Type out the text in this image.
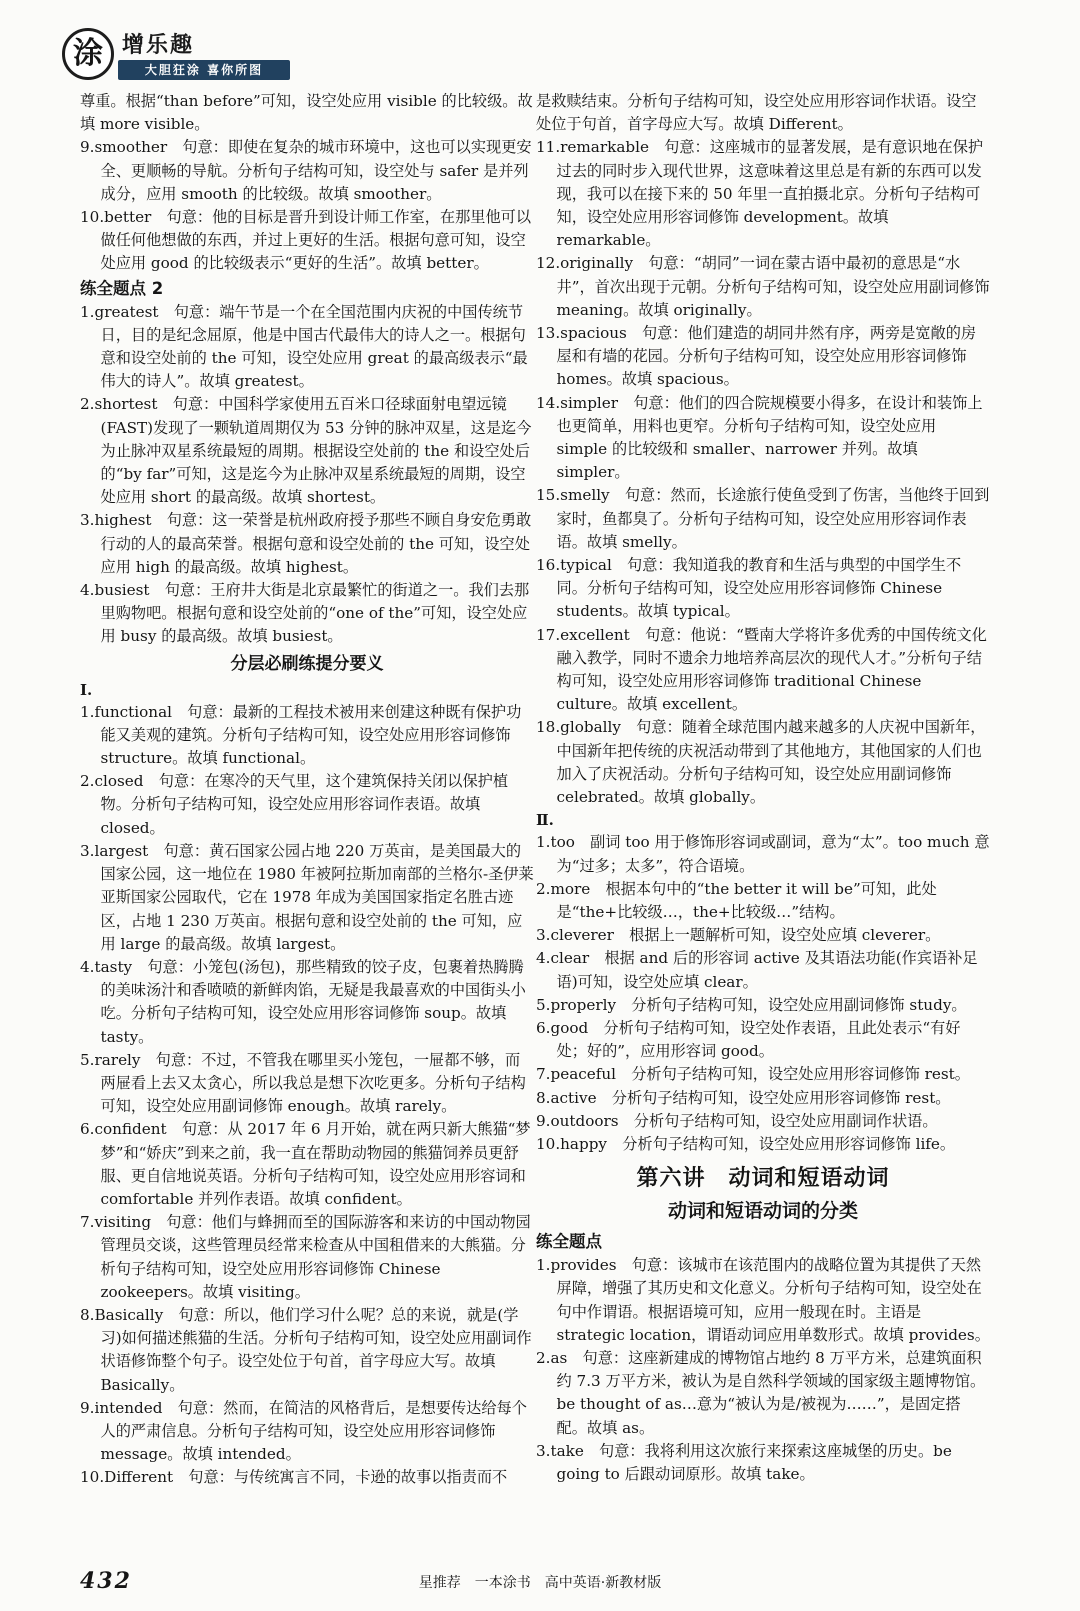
涂 增乐趣
大胆狂涂 喜你所图
尊重。根据“than before”可知，设空处应用 visible 的比较级。故填 more visible。
9.smoother　句意：即使在复杂的城市环境中，这也可以实现更安全、更顺畅的导航。分析句子结构可知，设空处与 safer 是并列成分，应用 smooth 的比较级。故填 smoother。
10.better　句意：他的目标是晋升到设计师工作室，在那里他可以做任何他想做的东西，并过上更好的生活。根据句意可知，设空处应用 good 的比较级表示“更好的生活”。故填 better。
练全题点 2
1.greatest　句意：端午节是一个在全国范围内庆祝的中国传统节日，目的是纪念屈原，他是中国古代最伟大的诗人之一。根据句意和设空处前的 the 可知，设空处应用 great 的最高级表示“最伟大的诗人”。故填 greatest。
2.shortest　句意：中国科学家使用五百米口径球面射电望远镜(FAST)发现了一颗轨道周期仅为 53 分钟的脉冲双星，这是迄今为止脉冲双星系统最短的周期。根据设空处前的 the 和设空处后的“by far”可知，这是迄今为止脉冲双星系统最短的周期，设空处应用 short 的最高级。故填 shortest。
3.highest　句意：这一荣誉是杭州政府授予那些不顾自身安危勇敢行动的人的最高荣誉。根据句意和设空处前的 the 可知，设空处应用 high 的最高级。故填 highest。
4.busiest　句意：王府井大街是北京最繁忙的街道之一。我们去那里购物吧。根据句意和设空处前的“one of the”可知，设空处应用 busy 的最高级。故填 busiest。
分层必刷练提分要义
Ⅰ.
1.functional　句意：最新的工程技术被用来创建这种既有保护功能又美观的建筑。分析句子结构可知，设空处应用形容词修饰 structure。故填 functional。
2.closed　句意：在寒冷的天气里，这个建筑保持关闭以保护植物。分析句子结构可知，设空处应用形容词作表语。故填 closed。
3.largest　句意：黄石国家公园占地 220 万英亩，是美国最大的国家公园，这一地位在 1980 年被阿拉斯加南部的兰格尔-圣伊莱亚斯国家公园取代，它在 1978 年成为美国国家指定名胜古迹区，占地 1 230 万英亩。根据句意和设空处前的 the 可知，应用 large 的最高级。故填 largest。
4.tasty　句意：小笼包(汤包)，那些精致的饺子皮，包裹着热腾腾的美味汤汁和香喷喷的新鲜肉馅，无疑是我最喜欢的中国街头小吃。分析句子结构可知，设空处应用形容词修饰 soup。故填 tasty。
5.rarely　句意：不过，不管我在哪里买小笼包，一屉都不够，而两屉看上去又太贪心，所以我总是想下次吃更多。分析句子结构可知，设空处应用副词修饰 enough。故填 rarely。
6.confident　句意：从 2017 年 6 月开始，就在两只新大熊猫“梦梦”和“娇庆”到来之前，我一直在帮助动物园的熊猫饲养员更舒服、更自信地说英语。分析句子结构可知，设空处应用形容词和 comfortable 并列作表语。故填 confident。
7.visiting　句意：他们与蜂拥而至的国际游客和来访的中国动物园管理员交谈，这些管理员经常来检查从中国租借来的大熊猫。分析句子结构可知，设空处应用形容词修饰 Chinese zookeepers。故填 visiting。
8.Basically　句意：所以，他们学习什么呢？总的来说，就是(学习)如何描述熊猫的生活。分析句子结构可知，设空处应用副词作状语修饰整个句子。设空处位于句首，首字母应大写。故填 Basically。
9.intended　句意：然而，在简洁的风格背后，是想要传达给每个人的严肃信息。分析句子结构可知，设空处应用形容词修饰 message。故填 intended。
10.Different　句意：与传统寓言不同，卡逊的故事以指责而不
是救赎结束。分析句子结构可知，设空处应用形容词作状语。设空处位于句首，首字母应大写。故填 Different。
11.remarkable　句意：这座城市的显著发展，是有意识地在保护过去的同时步入现代世界，这意味着这里总是有新的东西可以发现，我可以在接下来的 50 年里一直拍摄北京。分析句子结构可知，设空处应用形容词修饰 development。故填 remarkable。
12.originally　句意：“胡同”一词在蒙古语中最初的意思是“水井”，首次出现于元朝。分析句子结构可知，设空处应用副词修饰 meaning。故填 originally。
13.spacious　句意：他们建造的胡同井然有序，两旁是宽敞的房屋和有墙的花园。分析句子结构可知，设空处应用形容词修饰 homes。故填 spacious。
14.simpler　句意：他们的四合院规模要小得多，在设计和装饰上也更简单，用料也更窄。分析句子结构可知，设空处应用 simple 的比较级和 smaller、narrower 并列。故填 simpler。
15.smelly　句意：然而，长途旅行使鱼受到了伤害，当他终于回到家时，鱼都臭了。分析句子结构可知，设空处应用形容词作表语。故填 smelly。
16.typical　句意：我知道我的教育和生活与典型的中国学生不同。分析句子结构可知，设空处应用形容词修饰 Chinese students。故填 typical。
17.excellent　句意：他说：“暨南大学将许多优秀的中国传统文化融入教学，同时不遗余力地培养高层次的现代人才。”分析句子结构可知，设空处应用形容词修饰 traditional Chinese culture。故填 excellent。
18.globally　句意：随着全球范围内越来越多的人庆祝中国新年，中国新年把传统的庆祝活动带到了其他地方，其他国家的人们也加入了庆祝活动。分析句子结构可知，设空处应用副词修饰 celebrated。故填 globally。
Ⅱ.
1.too　副词 too 用于修饰形容词或副词，意为“太”。too much 意为“过多；太多”，符合语境。
2.more　根据本句中的“the better it will be”可知，此处是“the+比较级…，the+比较级…”结构。
3.cleverer　根据上一题解析可知，设空处应填 cleverer。
4.clear　根据 and 后的形容词 active 及其语法功能(作宾语补足语)可知，设空处应填 clear。
5.properly　分析句子结构可知，设空处应用副词修饰 study。
6.good　分析句子结构可知，设空处作表语，且此处表示“有好处；好的”，应用形容词 good。
7.peaceful　分析句子结构可知，设空处应用形容词修饰 rest。
8.active　分析句子结构可知，设空处应用形容词修饰 rest。
9.outdoors　分析句子结构可知，设空处应用副词作状语。
10.happy　分析句子结构可知，设空处应用形容词修饰 life。
第六讲　动词和短语动词
动词和短语动词的分类
练全题点
1.provides　句意：该城市在该范围内的战略位置为其提供了天然屏障，增强了其历史和文化意义。分析句子结构可知，设空处在句中作谓语。根据语境可知，应用一般现在时。主语是 strategic location，谓语动词应用单数形式。故填 provides。
2.as　句意：这座新建成的博物馆占地约 8 万平方米，总建筑面积约 7.3 万平方米，被认为是自然科学领域的国家级主题博物馆。be thought of as…意为“被认为是/被视为……”，是固定搭配。故填 as。
3.take　句意：我将利用这次旅行来探索这座城堡的历史。be going to 后跟动词原形。故填 take。
432	星推荐　一本涂书　高中英语·新教材版
